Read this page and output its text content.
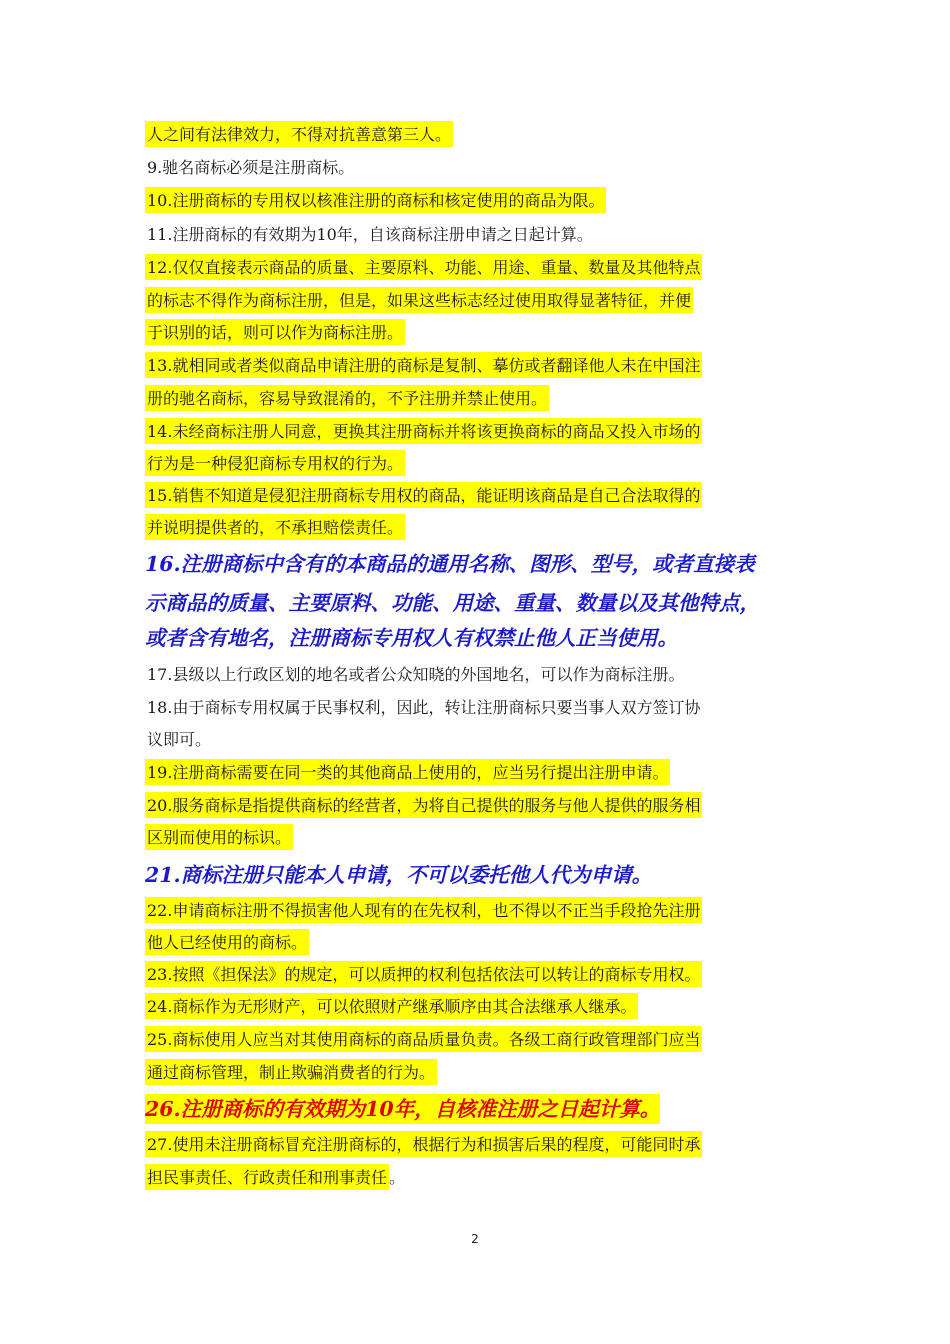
人之间有法律效力，不得对抗善意第三人。
9.驰名商标必须是注册商标。
10.注册商标的专用权以核准注册的商标和核定使用的商品为限。
11.注册商标的有效期为10年，自该商标注册申请之日起计算。
12.仅仅直接表示商品的质量、主要原料、功能、用途、重量、数量及其他特点
的标志不得作为商标注册，但是，如果这些标志经过使用取得显著特征，并便
于识别的话，则可以作为商标注册。
13.就相同或者类似商品申请注册的商标是复制、摹仿或者翻译他人未在中国注
册的驰名商标，容易导致混淆的，不予注册并禁止使用。
14.未经商标注册人同意，更换其注册商标并将该更换商标的商品又投入市场的
行为是一种侵犯商标专用权的行为。
15.销售不知道是侵犯注册商标专用权的商品，能证明该商品是自己合法取得的
并说明提供者的，不承担赔偿责任。
16.注册商标中含有的本商品的通用名称、图形、型号，或者直接表
示商品的质量、主要原料、功能、用途、重量、数量以及其他特点，
或者含有地名，注册商标专用权人有权禁止他人正当使用。
17.县级以上行政区划的地名或者公众知晓的外国地名，可以作为商标注册。
18.由于商标专用权属于民事权利，因此，转让注册商标只要当事人双方签订协
议即可。
19.注册商标需要在同一类的其他商品上使用的，应当另行提出注册申请。
20.服务商标是指提供商标的经营者，为将自己提供的服务与他人提供的服务相
区别而使用的标识。
21.商标注册只能本人申请，不可以委托他人代为申请。
22.申请商标注册不得损害他人现有的在先权利，也不得以不正当手段抢先注册
他人已经使用的商标。
23.按照《担保法》的规定，可以质押的权利包括依法可以转让的商标专用权。
24.商标作为无形财产，可以依照财产继承顺序由其合法继承人继承。
25.商标使用人应当对其使用商标的商品质量负责。各级工商行政管理部门应当
通过商标管理，制止欺骗消费者的行为。
26.注册商标的有效期为10年，自核准注册之日起计算。
27.使用未注册商标冒充注册商标的，根据行为和损害后果的程度，可能同时承
担民事责任、行政责任和刑事责任 。
2
